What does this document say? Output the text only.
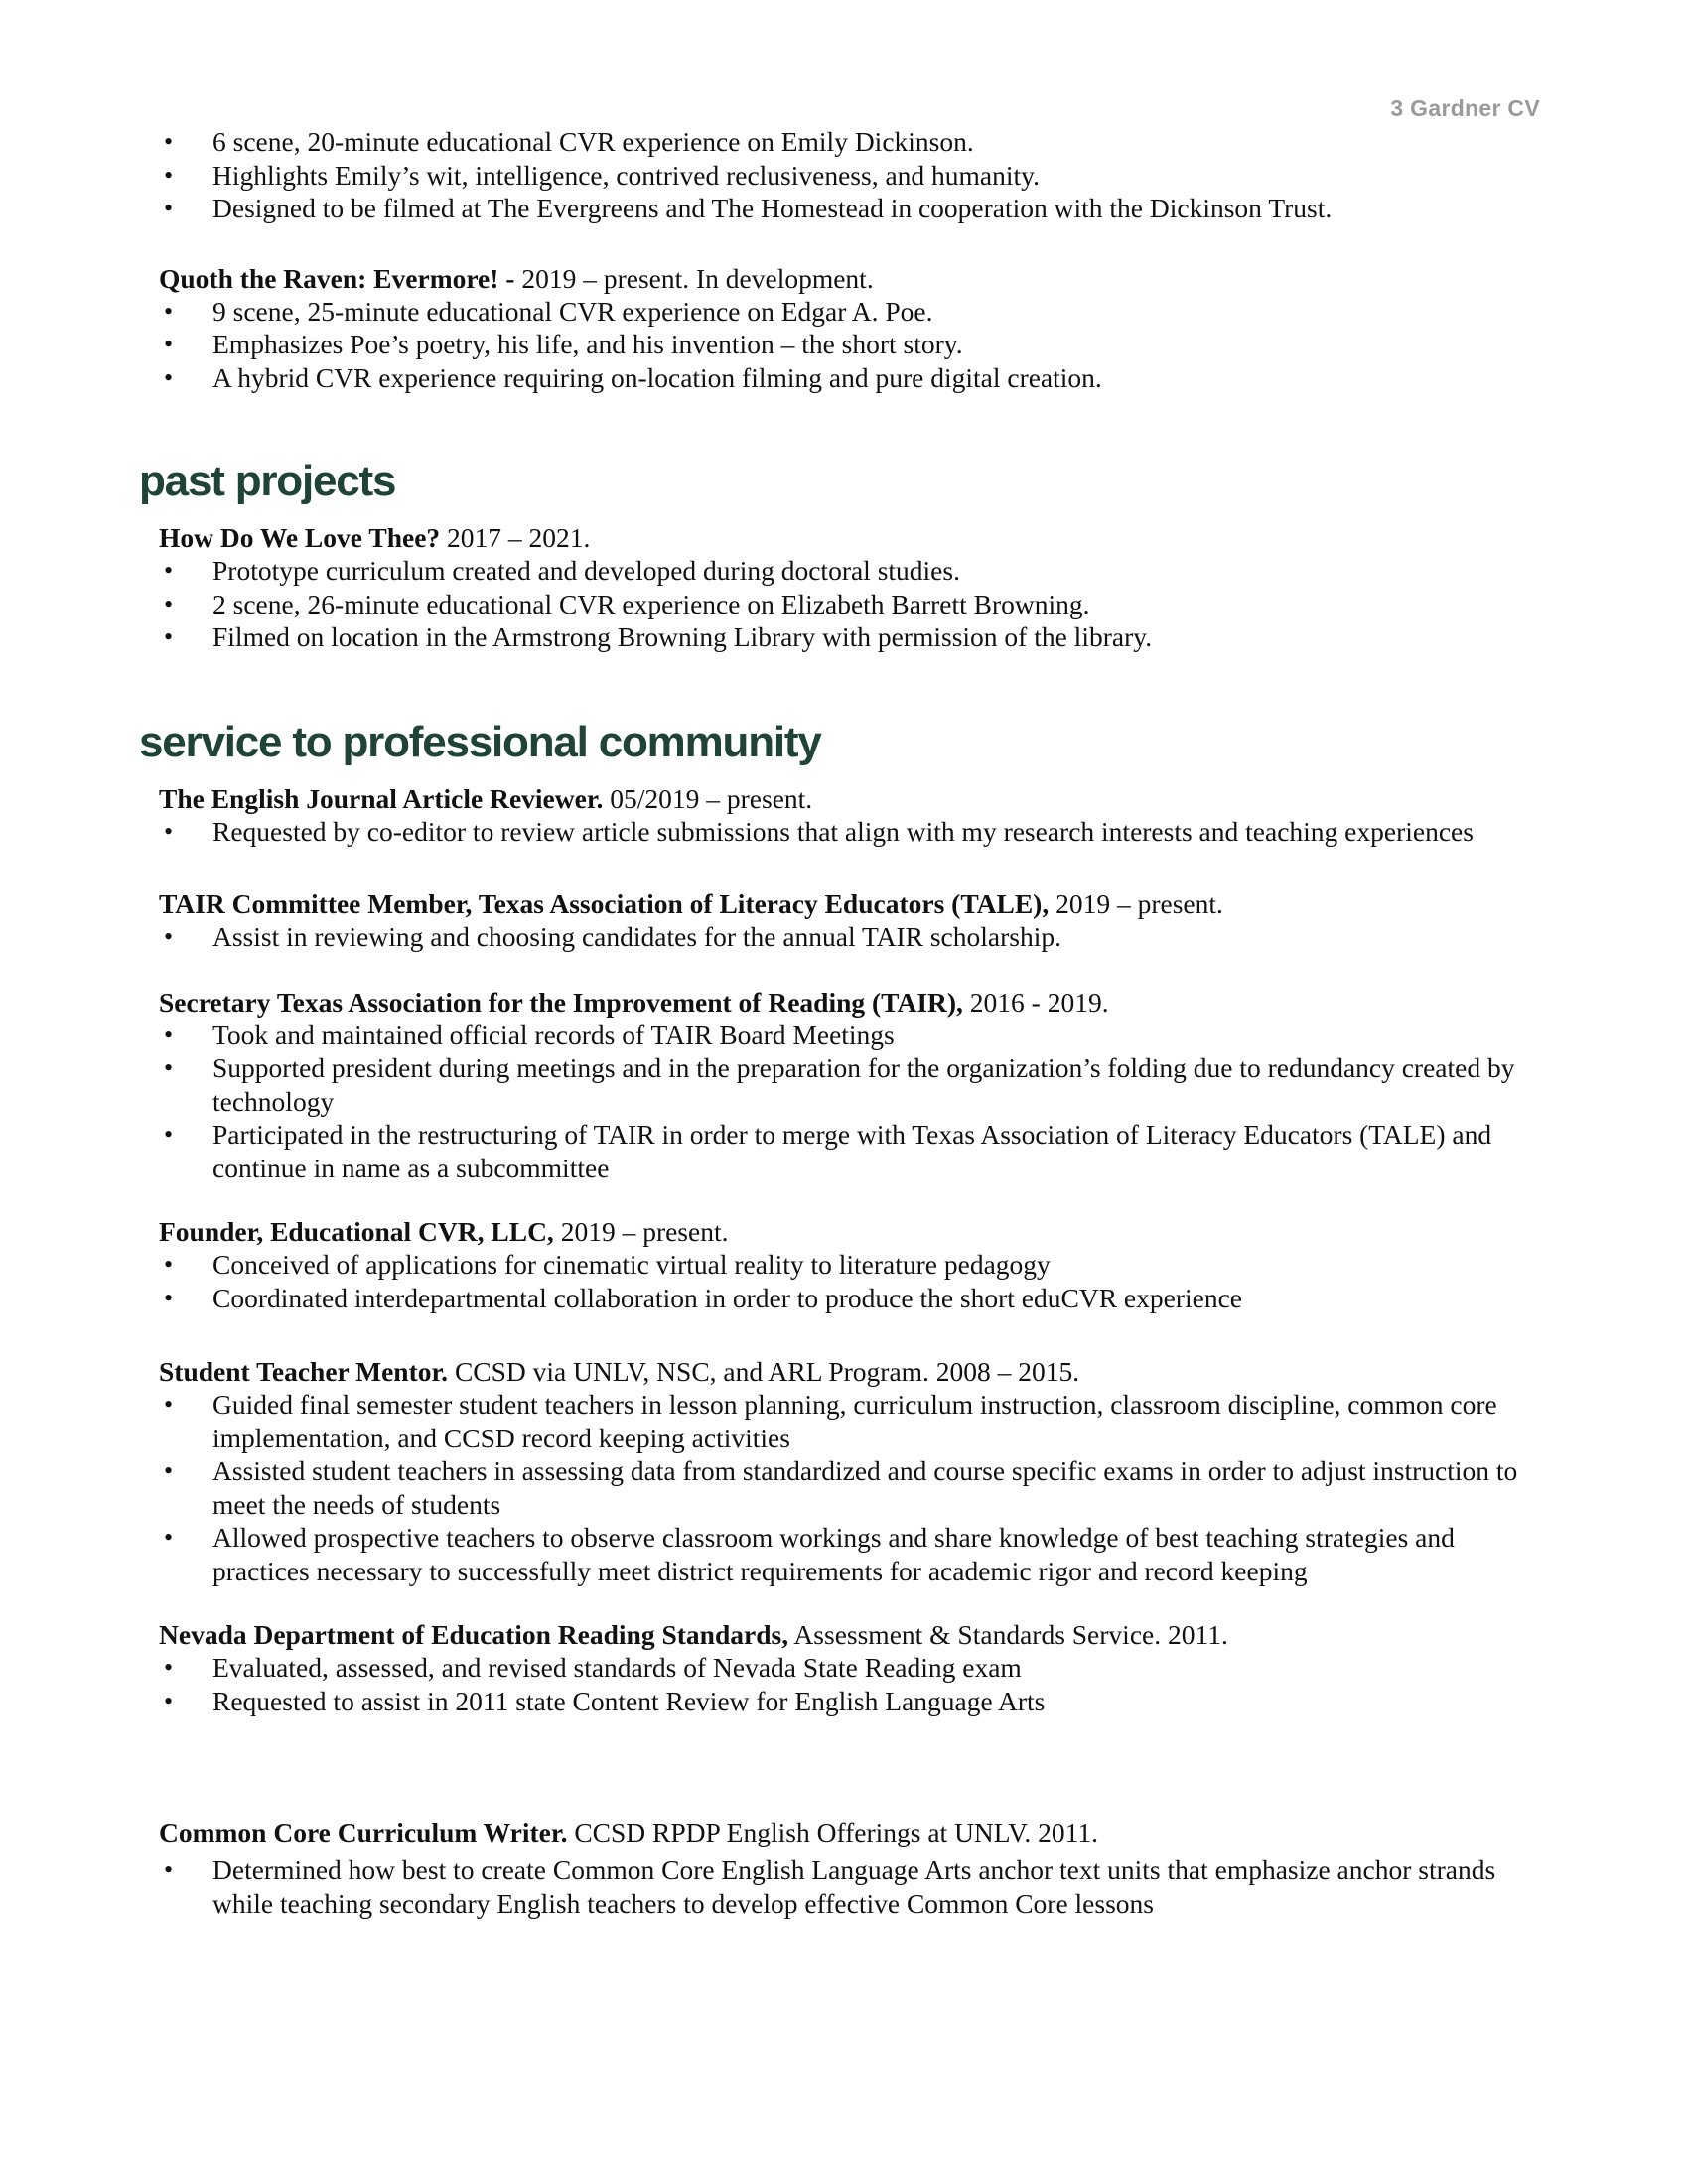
3 Gardner CV
• 6 scene, 20-minute educational CVR experience on Emily Dickinson.
• Highlights Emily’s wit, intelligence, contrived reclusiveness, and humanity.
• Designed to be filmed at The Evergreens and The Homestead in cooperation with the Dickinson Trust.

Quoth the Raven: Evermore! - 2019 – present. In development.

• 9 scene, 25-minute educational CVR experience on Edgar A. Poe.
• Emphasizes Poe’s poetry, his life, and his invention – the short story.
• A hybrid CVR experience requiring on-location filming and pure digital creation.
past projects

How Do We Love Thee? 2017 – 2021.

• Prototype curriculum created and developed during doctoral studies.
• 2 scene, 26-minute educational CVR experience on Elizabeth Barrett Browning.
• Filmed on location in the Armstrong Browning Library with permission of the library.
service to professional community

The English Journal Article Reviewer. 05/2019 – present.

• Requested by co-editor to review article submissions that align with my research interests and teaching experiences

TAIR Committee Member, Texas Association of Literacy Educators (TALE), 2019 – present.

• Assist in reviewing and choosing candidates for the annual TAIR scholarship.

Secretary Texas Association for the Improvement of Reading (TAIR), 2016 - 2019.

• Took and maintained official records of TAIR Board Meetings
• Supported president during meetings and in the preparation for the organization’s folding due to redundancy created by technology
• Participated in the restructuring of TAIR in order to merge with Texas Association of Literacy Educators (TALE) and continue in name as a subcommittee

Founder, Educational CVR, LLC, 2019 – present.

• Conceived of applications for cinematic virtual reality to literature pedagogy
• Coordinated interdepartmental collaboration in order to produce the short eduCVR experience

Student Teacher Mentor. CCSD via UNLV, NSC, and ARL Program. 2008 – 2015.

• Guided final semester student teachers in lesson planning, curriculum instruction, classroom discipline, common core implementation, and CCSD record keeping activities
• Assisted student teachers in assessing data from standardized and course specific exams in order to adjust instruction to meet the needs of students
• Allowed prospective teachers to observe classroom workings and share knowledge of best teaching strategies and practices necessary to successfully meet district requirements for academic rigor and record keeping

Nevada Department of Education Reading Standards, Assessment & Standards Service. 2011.

• Evaluated, assessed, and revised standards of Nevada State Reading exam
• Requested to assist in 2011 state Content Review for English Language Arts

Common Core Curriculum Writer. CCSD RPDP English Offerings at UNLV. 2011.

• Determined how best to create Common Core English Language Arts anchor text units that emphasize anchor strands while teaching secondary English teachers to develop effective Common Core lessons
